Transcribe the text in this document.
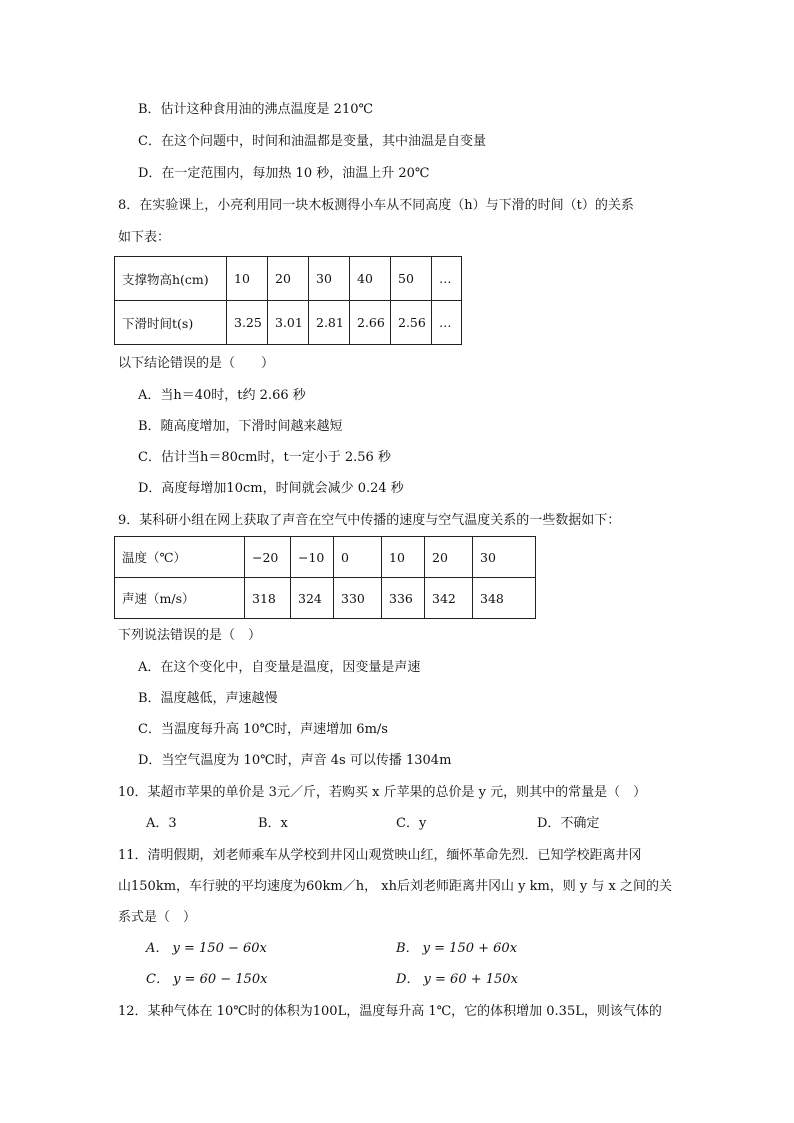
B．估计这种食用油的沸点温度是 210℃
C．在这个问题中，时间和油温都是变量，其中油温是自变量
D．在一定范围内，每加热 10 秒，油温上升 20℃
8．在实验课上，小亮利用同一块木板测得小车从不同高度（h）与下滑的时间（t）的关系
如下表：
支撑物高h(cm)	10	20	30	40	50	…
下滑时间t(s)	3.25	3.01	2.81	2.66	2.56	…
以下结论错误的是（　　）
A．当h＝40时，t约 2.66 秒
B．随高度增加，下滑时间越来越短
C．估计当h＝80cm时，t一定小于 2.56 秒
D．高度每增加10cm，时间就会减少 0.24 秒
9．某科研小组在网上获取了声音在空气中传播的速度与空气温度关系的一些数据如下：
温度（℃）	−20	−10	0	10	20	30
声速（m/s）	318	324	330	336	342	348
下列说法错误的是（　）
A．在这个变化中，自变量是温度，因变量是声速
B．温度越低，声速越慢
C．当温度每升高 10℃时，声速增加 6m/s
D．当空气温度为 10℃时，声音 4s 可以传播 1304m
10．某超市苹果的单价是 3元／斤，若购买 x 斤苹果的总价是 y 元，则其中的常量是（　）
A．3	B．x	C．y	D．不确定
11．清明假期，刘老师乘车从学校到井冈山观赏映山红，缅怀革命先烈．已知学校距离井冈
山150km，车行驶的平均速度为60km／h， xh后刘老师距离井冈山 y km，则 y 与 x 之间的关
系式是（　）
A． y = 150 − 60x	B． y = 150 + 60x
C． y = 60 − 150x	D． y = 60 + 150x
12．某种气体在 10℃时的体积为100L，温度每升高 1℃，它的体积增加 0.35L，则该气体的
